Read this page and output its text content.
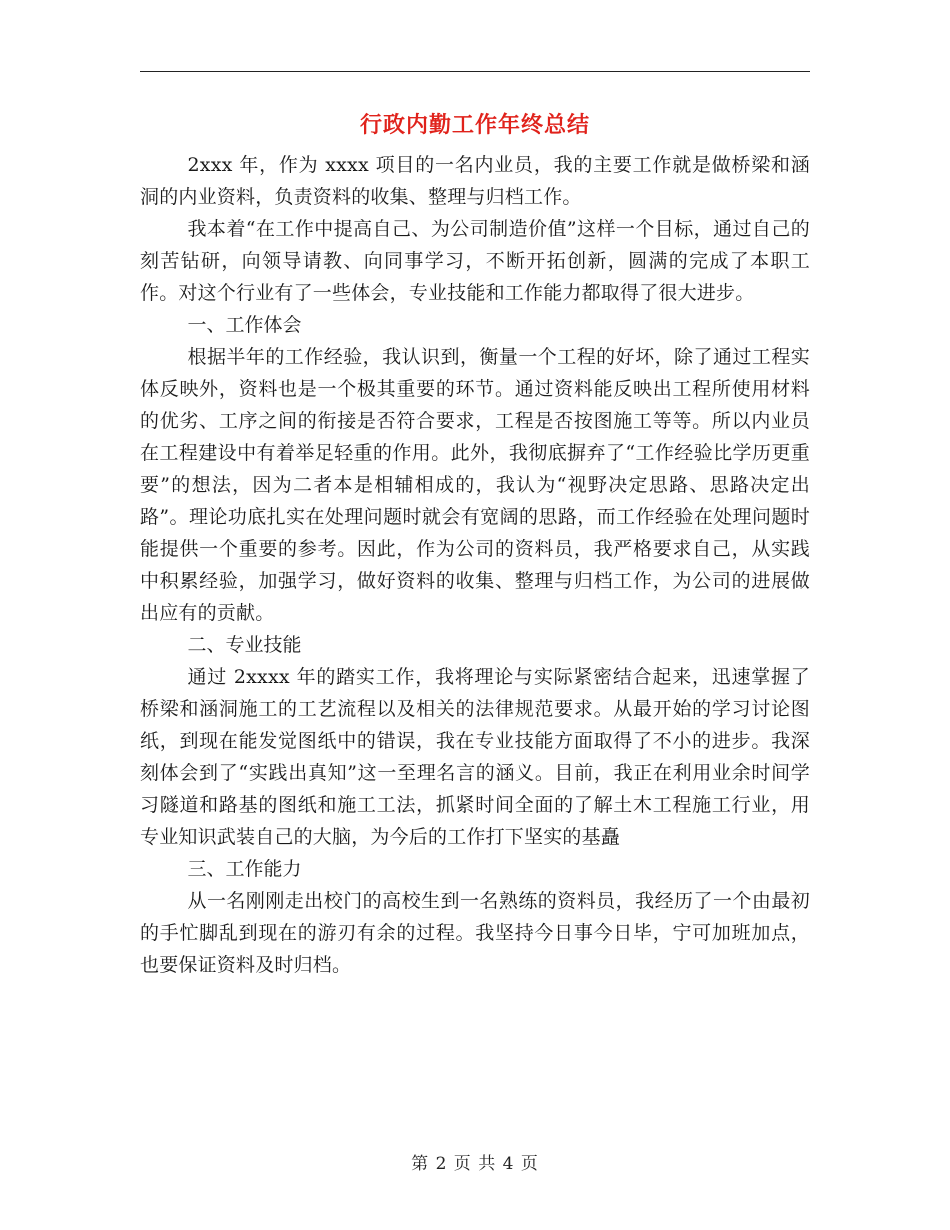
行政内勤工作年终总结

2xxx 年，作为 xxxx 项目的一名内业员，我的主要工作就是做桥梁和涵洞的内业资料，负责资料的收集、整理与归档工作。

我本着“在工作中提高自己、为公司制造价值”这样一个目标，通过自己的刻苦钻研，向领导请教、向同事学习，不断开拓创新，圆满的完成了本职工作。对这个行业有了一些体会，专业技能和工作能力都取得了很大进步。

一、工作体会

根据半年的工作经验，我认识到，衡量一个工程的好坏，除了通过工程实体反映外，资料也是一个极其重要的环节。通过资料能反映出工程所使用材料的优劣、工序之间的衔接是否符合要求，工程是否按图施工等等。所以内业员在工程建设中有着举足轻重的作用。此外，我彻底摒弃了“工作经验比学历更重要”的想法，因为二者本是相辅相成的，我认为“视野决定思路、思路决定出路”。理论功底扎实在处理问题时就会有宽阔的思路，而工作经验在处理问题时能提供一个重要的参考。因此，作为公司的资料员，我严格要求自己，从实践中积累经验，加强学习，做好资料的收集、整理与归档工作，为公司的进展做出应有的贡献。

二、专业技能

通过 2xxxx 年的踏实工作，我将理论与实际紧密结合起来，迅速掌握了桥梁和涵洞施工的工艺流程以及相关的法律规范要求。从最开始的学习讨论图纸，到现在能发觉图纸中的错误，我在专业技能方面取得了不小的进步。我深刻体会到了“实践出真知”这一至理名言的涵义。目前，我正在利用业余时间学习隧道和路基的图纸和施工工法，抓紧时间全面的了解土木工程施工行业，用专业知识武装自己的大脑，为今后的工作打下坚实的基矗

三、工作能力

从一名刚刚走出校门的高校生到一名熟练的资料员，我经历了一个由最初的手忙脚乱到现在的游刃有余的过程。我坚持今日事今日毕，宁可加班加点，也要保证资料及时归档。

第 2 页 共 4 页
